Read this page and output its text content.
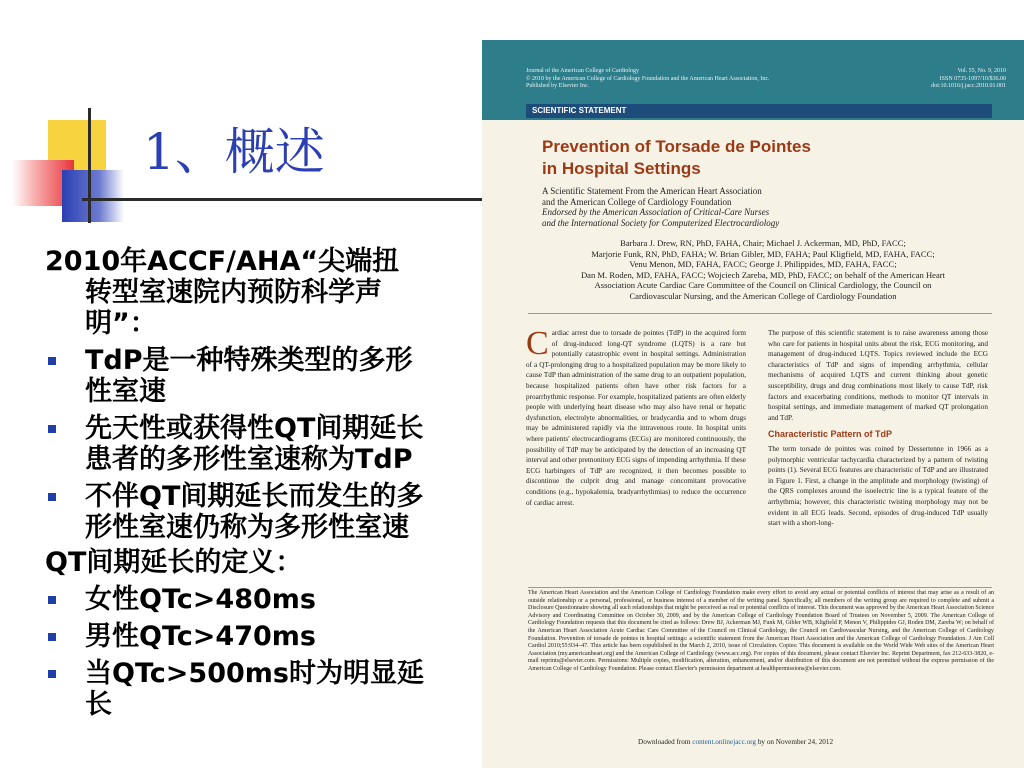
1、概述
2010年ACCF/AHA“尖端扭
转型室速院内预防科学声
明”：
TdP是一种特殊类型的多形
性室速
先天性或获得性QT间期延长
患者的多形性室速称为TdP
不伴QT间期延长而发生的多
形性室速仍称为多形性室速
QT间期延长的定义：
女性QTc>480ms
男性QTc>470ms
当QTc>500ms时为明显延
长
Journal of the American College of Cardiology
© 2010 by the American College of Cardiology Foundation and the American Heart Association, Inc.
Published by Elsevier Inc.
Vol. 55, No. 9, 2010
ISSN 0735-1097/10/$36.00
doi:10.1016/j.jacc.2010.01.001
SCIENTIFIC STATEMENT
Prevention of Torsade de Pointes
in Hospital Settings
A Scientific Statement From the American Heart Association
and the American College of Cardiology Foundation
Endorsed by the American Association of Critical-Care Nurses
and the International Society for Computerized Electrocardiology
Barbara J. Drew, RN, PhD, FAHA, Chair; Michael J. Ackerman, MD, PhD, FACC;
Marjorie Funk, RN, PhD, FAHA; W. Brian Gibler, MD, FAHA; Paul Kligfield, MD, FAHA, FACC;
Venu Menon, MD, FAHA, FACC; George J. Philippides, MD, FAHA, FACC;
Dan M. Roden, MD, FAHA, FACC; Wojciech Zareba, MD, PhD, FACC; on behalf of the American Heart
Association Acute Cardiac Care Committee of the Council on Clinical Cardiology, the Council on
Cardiovascular Nursing, and the American College of Cardiology Foundation
C ardiac arrest due to torsade de pointes (TdP) in the acquired form of drug-induced long-QT syndrome (LQTS) is a rare but potentially catastrophic event in hospital settings. Administration of a QT-prolonging drug to a hospitalized population may be more likely to cause TdP than administration of the same drug to an outpatient population, because hospitalized patients often have other risk factors for a proarrhythmic response. For example, hospitalized patients are often elderly people with underlying heart disease who may also have renal or hepatic dysfunction, electrolyte abnormalities, or bradycardia and to whom drugs may be administered rapidly via the intravenous route. In hospital units where patients' electrocardiograms (ECGs) are monitored continuously, the possibility of TdP may be anticipated by the detection of an increasing QT interval and other premonitory ECG signs of impending arrhythmia. If these ECG harbingers of TdP are recognized, it then becomes possible to discontinue the culprit drug and manage concomitant provocative conditions (e.g., hypokalemia, bradyarrhythmias) to reduce the occurrence of cardiac arrest.
The purpose of this scientific statement is to raise awareness among those who care for patients in hospital units about the risk, ECG monitoring, and management of drug-induced LQTS. Topics reviewed include the ECG characteristics of TdP and signs of impending arrhythmia, cellular mechanisms of acquired LQTS and current thinking about genetic susceptibility, drugs and drug combinations most likely to cause TdP, risk factors and exacerbating conditions, methods to monitor QT intervals in hospital settings, and immediate management of marked QT prolongation and TdP.
Characteristic Pattern of TdP
The term torsade de pointes was coined by Dessertenne in 1966 as a polymorphic ventricular tachycardia characterized by a pattern of twisting points (1). Several ECG features are characteristic of TdP and are illustrated in Figure 1. First, a change in the amplitude and morphology (twisting) of the QRS complexes around the isoelectric line is a typical feature of the arrhythmia; however, this characteristic twisting morphology may not be evident in all ECG leads. Second, episodes of drug-induced TdP usually start with a short-long-
The American Heart Association and the American College of Cardiology Foundation make every effort to avoid any actual or potential conflicts of interest that may arise as a result of an outside relationship or a personal, professional, or business interest of a member of the writing panel. Specifically, all members of the writing group are required to complete and submit a Disclosure Questionnaire showing all such relationships that might be perceived as real or potential conflicts of interest. This document was approved by the American Heart Association Science Advisory and Coordinating Committee on October 30, 2009, and by the American College of Cardiology Foundation Board of Trustees on November 5, 2009. The American College of Cardiology Foundation requests that this document be cited as follows: Drew BJ, Ackerman MJ, Funk M, Gibler WB, Kligfield P, Menon V, Philippides GJ, Roden DM, Zareba W; on behalf of the American Heart Association Acute Cardiac Care Committee of the Council on Clinical Cardiology, the Council on Cardiovascular Nursing, and the American College of Cardiology Foundation. Prevention of torsade de pointes in hospital settings: a scientific statement from the American Heart Association and the American College of Cardiology Foundation. J Am Coll Cardiol 2010;55:934–47. This article has been copublished in the March 2, 2010, issue of Circulation. Copies: This document is available on the World Wide Web sites of the American Heart Association (my.americanheart.org) and the American College of Cardiology (www.acc.org). For copies of this document, please contact Elsevier Inc. Reprint Department, fax 212-633-3820, e-mail reprints@elsevier.com. Permissions: Multiple copies, modification, alteration, enhancement, and/or distribution of this document are not permitted without the express permission of the American College of Cardiology Foundation. Please contact Elsevier's permission department at healthpermissions@elsevier.com.
Downloaded from content.onlinejacc.org by on November 24, 2012
